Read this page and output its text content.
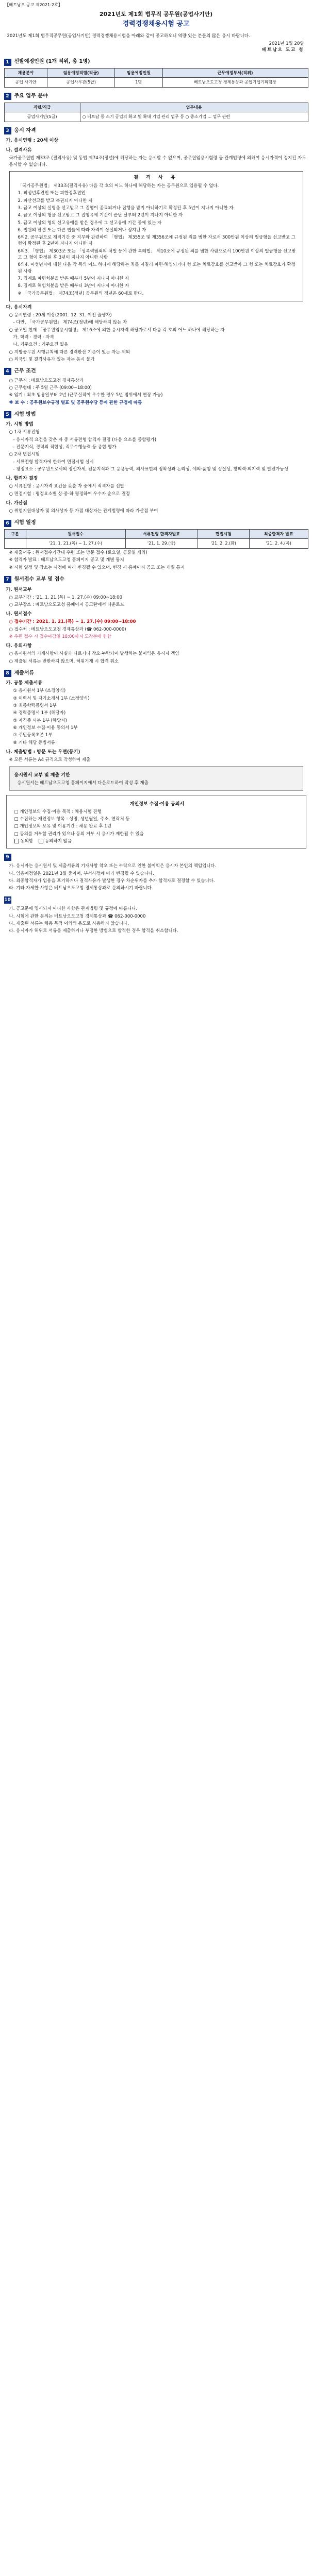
【베트남으 공고 제2021-2호】
2021년도 제1회 법무직 공무원(공업사기안)
경력경쟁채용시험 공고
2021년도 제1회 법무직공무원(공업사기안) 경력경쟁채용시험을 아래와 같이 공고하오니 역량 있는 분들의 많은 응시 바랍니다.
2021년 1월 20일
베트남으 도고 청
1 선발예정인원 (1개 직위, 총 1명)
채용분야	임용예정직렬(직급)	임용예정인원	근무예정부서(직위)
공업 사기안	공업사무관(5급)	1명	베트남으도고청 경제통상과 공업기업기획팀장
2 주요 업무 분야
직렬/직급	업무내용
공업사기안(5급)	○ 베트남 동 소기 공업의 확고 및 확대 기업 관리 업무 등 ○ 중소기업 ... 업무 관련
3 응시 자격
가. 응시연령 : 20세 이상
나. 결격사유
국가공무원법 제33조 (결격사유) 및 동법 제74조(정년)에 해당하는 자는 응시할 수 없으며, 공무원임용시험령 등 관계법령에 의하여 응시자격이 정지된 자도 응시할 수 없습니다.
결 격 사 유
「국가공무원법」 제33조(결격사유) 다음 각 호의 어느 하나에 해당하는 자는 공무원으로 임용될 수 없다.
1. 피성년후견인 또는 피한정후견인
2. 파산선고를 받고 복권되지 아니한 자
3. 금고 이상의 실형을 선고받고 그 집행이 종료되거나 집행을 받지 아니하기로 확정된 후 5년이 지나지 아니한 자
4. 금고 이상의 형을 선고받고 그 집행유예 기간이 끝난 날부터 2년이 지나지 아니한 자
5. 금고 이상의 형의 선고유예를 받은 경우에 그 선고유예 기간 중에 있는 자
6. 법원의 판결 또는 다른 법률에 따라 자격이 상실되거나 정지된 자
6의2. 공무원으로 재직기간 중 직무와 관련하여 「형법」 제355조 및 제356조에 규정된 죄를 범한 자로서 300만원 이상의 벌금형을 선고받고 그 형이 확정된 후 2년이 지나지 아니한 자
6의3. 「형법」 제303조 또는 「성폭력범죄의 처벌 등에 관한 특례법」 제10조에 규정된 죄를 범한 사람으로서 100만원 이상의 벌금형을 선고받고 그 형이 확정된 후 3년이 지나지 아니한 사람
6의4. 미성년자에 대한 다음 각 목의 어느 하나에 해당하는 죄를 저질러 파면·해임되거나 형 또는 치료감호를 선고받아 그 형 또는 치료감호가 확정된 사람
7. 징계로 파면처분을 받은 때부터 5년이 지나지 아니한 자
8. 징계로 해임처분을 받은 때부터 3년이 지나지 아니한 자
※ 「국가공무원법」 제74조(정년) 공무원의 정년은 60세로 한다.
다. 응시자격
○ 응시연령 : 20세 이상(2001. 12. 31. 이전 출생자)
- 다만, 「국가공무원법」 제74조(정년)에 해당하지 않는 자
○ 공고일 현재 「공무원임용시험령」 제16조에 의한 응시자격 해당자로서 다음 각 호의 어느 하나에 해당하는 자
가. 학력 · 경력 · 자격
나. 거주요건 : 거주요건 없음
○ 지방공무원 시행규칙에 따른 경력환산 기준이 있는 자는 제외
○ 외국인 및 결격사유가 있는 자는 응시 불가
4 근무 조건
○ 근무지 : 베트남으도고청 경제통상과
○ 근무형태 : 주 5일 근무 (09:00~18:00)
※ 임기 : 최초 임용일부터 2년 (근무실적이 우수한 경우 5년 범위에서 연장 가능)
※ 보 수 : 공무원보수규정 별표 및 공무원수당 등에 관한 규정에 따름
5 시험 방법
가. 시험 방법
○ 1차 서류전형
- 응시자격 요건을 갖춘 자 중 서류전형 합격자 결정 (다음 요소를 종합평가)
- 전문지식, 경력의 적합성, 직무수행능력 등 종합 평가
○ 2차 면접시험
- 서류전형 합격자에 한하여 면접시험 실시
- 평정요소 : 공무원으로서의 정신자세, 전문지식과 그 응용능력, 의사표현의 정확성과 논리성, 예의·품행 및 성실성, 창의력·의지력 및 발전가능성
나. 합격자 결정
○ 서류전형 : 응시자격 요건을 갖춘 자 중에서 적격자를 선발
○ 면접시험 : 평정요소별 상·중·하 평정하여 우수자 순으로 결정
다. 가산점
○ 취업지원대상자 및 의사상자 등 가점 대상자는 관계법령에 따라 가산점 부여
6 시험 일정
구분	원서접수	서류전형 합격자발표	면접시험	최종합격자 발표
	'21. 1. 21.(목) ~ 1. 27.(수)	'21. 1. 29.(금)	'21. 2. 2.(화)	'21. 2. 4.(목)
※ 제출서류 : 원서접수기간내 우편 또는 방문 접수 (토요일, 공휴일 제외)
※ 합격자 발표 : 베트남으도고청 홈페이지 공고 및 개별 통지
※ 시험 일정 및 장소는 사정에 따라 변경될 수 있으며, 변경 시 홈페이지 공고 또는 개별 통지
7 원서접수 교부 및 접수
가. 원서교부
○ 교부기간 : '21. 1. 21.(목) ~ 1. 27.(수) 09:00~18:00
○ 교부장소 : 베트남으도고청 홈페이지 공고란에서 다운로드
나. 원서접수
○ 접수기간 : 2021. 1. 21.(목) ~ 1. 27.(수) 09:00~18:00
○ 접수처 : 베트남으도고청 경제통상과 (☎ 062-000-0000)
※ 우편 접수 시 접수마감일 18:00까지 도착분에 한함
다. 유의사항
○ 응시원서의 기재사항이 사실과 다르거나 착오·누락되어 발생하는 불이익은 응시자 책임
○ 제출된 서류는 반환하지 않으며, 허위기재 시 합격 취소
8 제출서류
가. 공통 제출서류
① 응시원서 1부 (소정양식)
② 이력서 및 자기소개서 1부 (소정양식)
③ 최종학력증명서 1부
④ 경력증명서 1부 (해당자)
⑤ 자격증 사본 1부 (해당자)
⑥ 개인정보 수집·이용 동의서 1부
⑦ 주민등록초본 1부
⑧ 기타 해당 증빙서류
나. 제출방법 : 방문 또는 우편(등기)
※ 모든 서류는 A4 규격으로 작성하여 제출
응시원서 교부 및 제출 기한
응시원서는 베트남으도고청 홈페이지에서 다운로드하여 작성 후 제출
개인정보 수집·이용 동의서
□ 개인정보의 수집·이용 목적 : 채용시험 진행
□ 수집하는 개인정보 항목 : 성명, 생년월일, 주소, 연락처 등
□ 개인정보의 보유 및 이용기간 : 채용 완료 후 1년
□ 동의를 거부할 권리가 있으나 동의 거부 시 응시가 제한될 수 있음
동의함	동의하지 않음
9
가. 응시자는 응시원서 및 제출서류의 기재사항 착오 또는 누락으로 인한 불이익은 응시자 본인의 책임입니다.
나. 임용예정일은 2021년 3월 중이며, 부서사정에 따라 변경될 수 있습니다.
다. 최종합격자가 임용을 포기하거나 결격사유가 발생한 경우 차순위자를 추가 합격자로 결정할 수 있습니다.
라. 기타 자세한 사항은 베트남으도고청 경제통상과로 문의하시기 바랍니다.
10
가. 공고문에 명시되지 아니한 사항은 관계법령 및 규정에 따릅니다.
나. 시험에 관한 문의는 베트남으도고청 경제통상과 ☎ 062-000-0000
다. 제출된 서류는 채용 목적 이외의 용도로 사용하지 않습니다.
라. 응시자가 허위로 서류를 제출하거나 부정한 방법으로 합격한 경우 합격을 취소합니다.
